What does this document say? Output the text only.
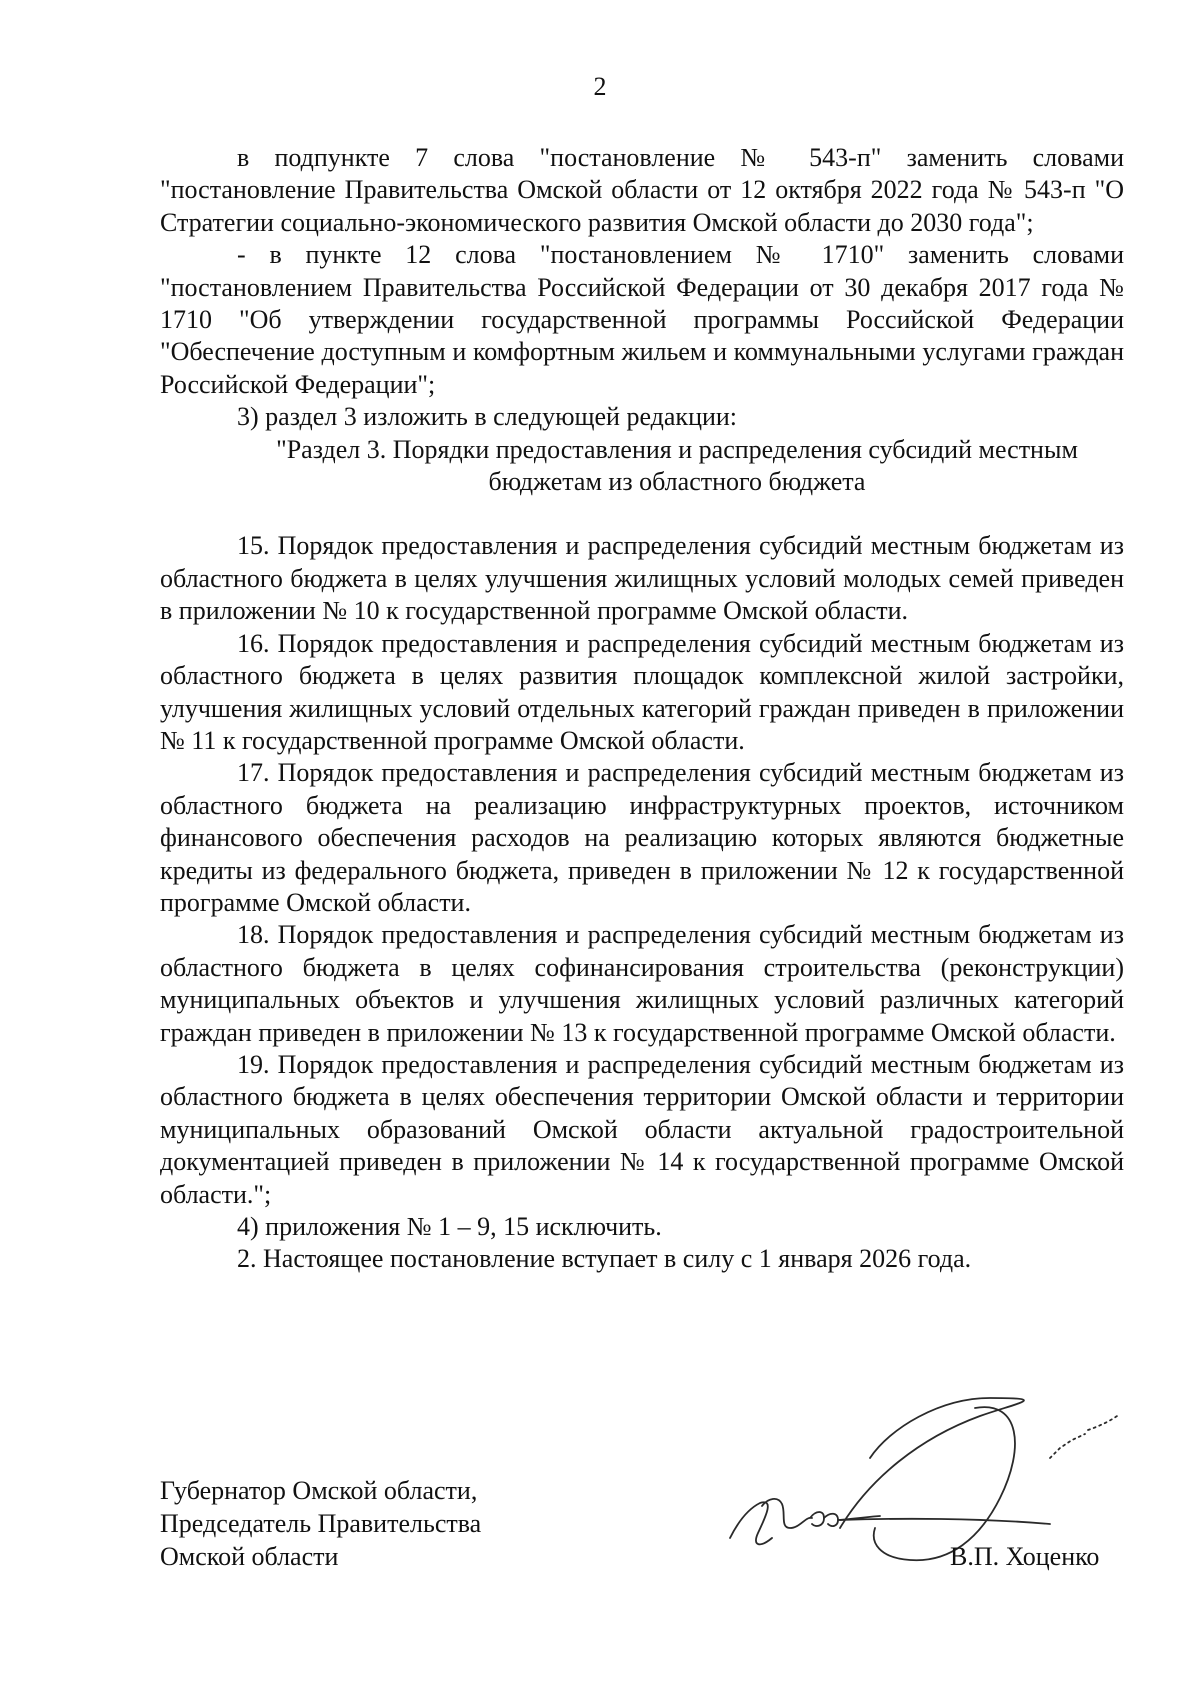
2

в подпункте 7 слова "постановление № 543-п" заменить словами "постановление Правительства Омской области от 12 октября 2022 года № 543-п "О Стратегии социально-экономического развития Омской области до 2030 года";

- в пункте 12 слова "постановлением № 1710" заменить словами "постановлением Правительства Российской Федерации от 30 декабря 2017 года № 1710 "Об утверждении государственной программы Российской Федерации "Обеспечение доступным и комфортным жильем и коммунальными услугами граждан Российской Федерации";

3) раздел 3 изложить в следующей редакции:

"Раздел 3. Порядки предоставления и распределения субсидий местным
бюджетам из областного бюджета

15. Порядок предоставления и распределения субсидий местным бюджетам из областного бюджета в целях улучшения жилищных условий молодых семей приведен в приложении № 10 к государственной программе Омской области.

16. Порядок предоставления и распределения субсидий местным бюджетам из областного бюджета в целях развития площадок комплексной жилой застройки, улучшения жилищных условий отдельных категорий граждан приведен в приложении № 11 к государственной программе Омской области.

17. Порядок предоставления и распределения субсидий местным бюджетам из областного бюджета на реализацию инфраструктурных проектов, источником финансового обеспечения расходов на реализацию которых являются бюджетные кредиты из федерального бюджета, приведен в приложении № 12 к государственной программе Омской области.

18. Порядок предоставления и распределения субсидий местным бюджетам из областного бюджета в целях софинансирования строительства (реконструкции) муниципальных объектов и улучшения жилищных условий различных категорий граждан приведен в приложении № 13 к государственной программе Омской области.

19. Порядок предоставления и распределения субсидий местным бюджетам из областного бюджета в целях обеспечения территории Омской области и территории муниципальных образований Омской области актуальной градостроительной документацией приведен в приложении № 14 к государственной программе Омской области.";

4) приложения № 1 – 9, 15 исключить.

2. Настоящее постановление вступает в силу с 1 января 2026 года.

Губернатор Омской области,
Председатель Правительства
Омской области	В.П. Хоценко
